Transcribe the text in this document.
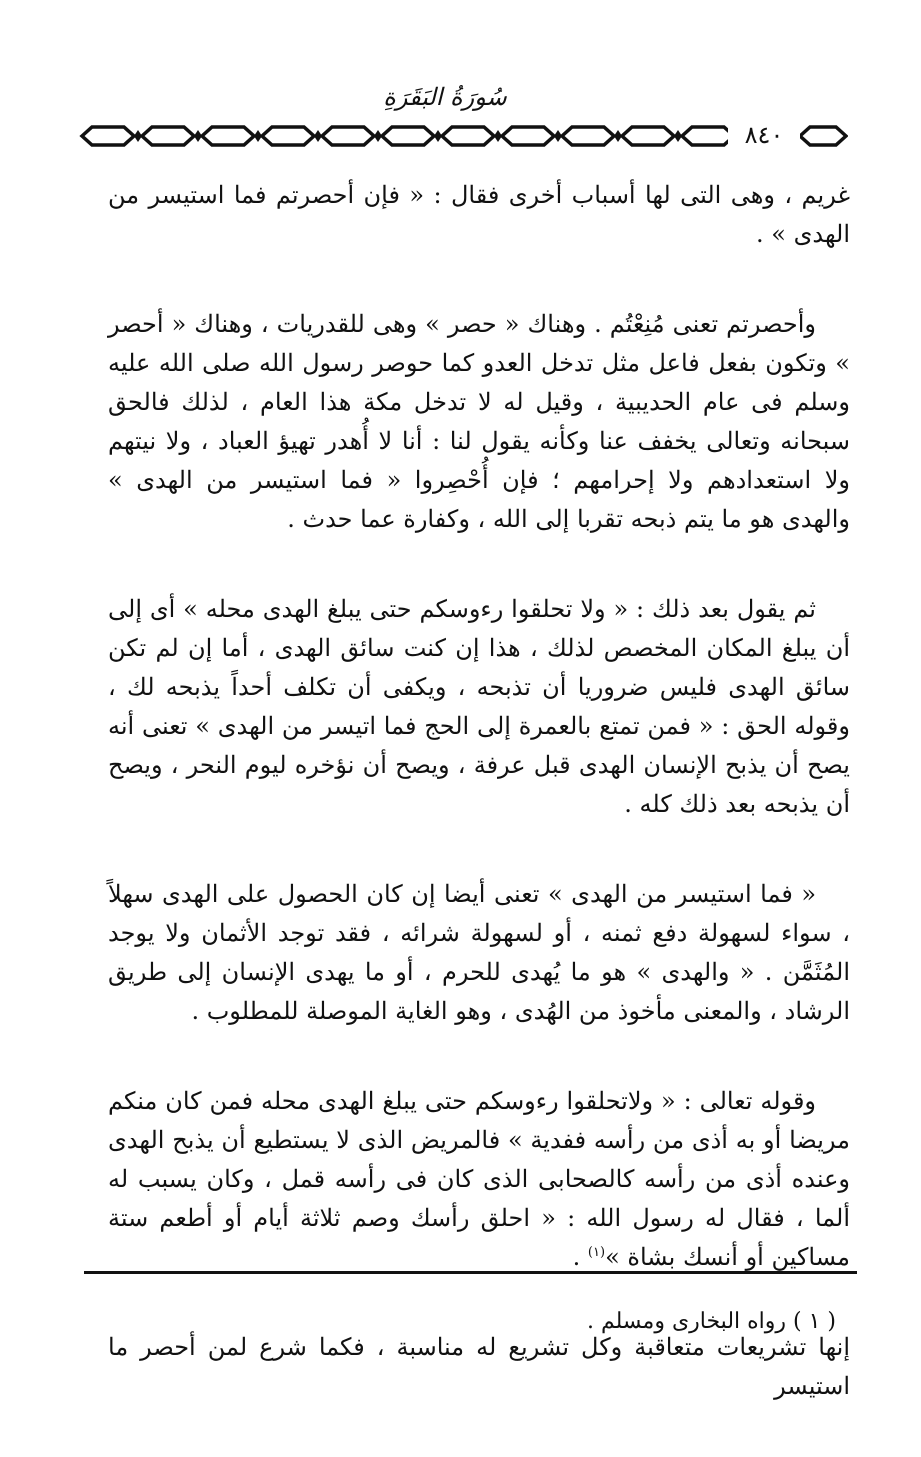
سُورَةُ البَقَرَةِ
٨٤٠

غريم ، وهى التى لها أسباب أخرى فقال : « فإن أحصرتم فما استيسر من الهدى » .

وأحصرتم تعنى مُنِعْتُم . وهناك « حصر » وهى للقدريات ، وهناك « أحصر » وتكون بفعل فاعل مثل تدخل العدو كما حوصر رسول الله صلى الله عليه وسلم فى عام الحديبية ، وقيل له لا تدخل مكة هذا العام ، لذلك فالحق سبحانه وتعالى يخفف عنا وكأنه يقول لنا : أنا لا أُهدر تهيؤ العباد ، ولا نيتهم ولا استعدادهم ولا إحرامهم ؛ فإن أُحْصِروا « فما استيسر من الهدى » والهدى هو ما يتم ذبحه تقربا إلى الله ، وكفارة عما حدث .

ثم يقول بعد ذلك : « ولا تحلقوا رءوسكم حتى يبلغ الهدى محله » أى إلى أن يبلغ المكان المخصص لذلك ، هذا إن كنت سائق الهدى ، أما إن لم تكن سائق الهدى فليس ضروريا أن تذبحه ، ويكفى أن تكلف أحداً يذبحه لك ، وقوله الحق : « فمن تمتع بالعمرة إلى الحج فما اتيسر من الهدى » تعنى أنه يصح أن يذبح الإنسان الهدى قبل عرفة ، ويصح أن نؤخره ليوم النحر ، ويصح أن يذبحه بعد ذلك كله .

« فما استيسر من الهدى » تعنى أيضا إن كان الحصول على الهدى سهلاً ، سواء لسهولة دفع ثمنه ، أو لسهولة شرائه ، فقد توجد الأثمان ولا يوجد المُثَمَّن . « والهدى » هو ما يُهدى للحرم ، أو ما يهدى الإنسان إلى طريق الرشاد ، والمعنى مأخوذ من الهُدى ، وهو الغاية الموصلة للمطلوب .

وقوله تعالى : « ولاتحلقوا رءوسكم حتى يبلغ الهدى محله فمن كان منكم مريضا أو به أذى من رأسه ففدية » فالمريض الذى لا يستطيع أن يذبح الهدى وعنده أذى من رأسه كالصحابى الذى كان فى رأسه قمل ، وكان يسبب له ألما ، فقال له رسول الله : « احلق رأسك وصم ثلاثة أيام أو أطعم ستة مساكين أو أنسك بشاة »$^{(١)}$ .

إنها تشريعات متعاقبة وكل تشريع له مناسبة ، فكما شرع لمن أحصر ما استيسر

( ١ ) رواه البخارى ومسلم .
